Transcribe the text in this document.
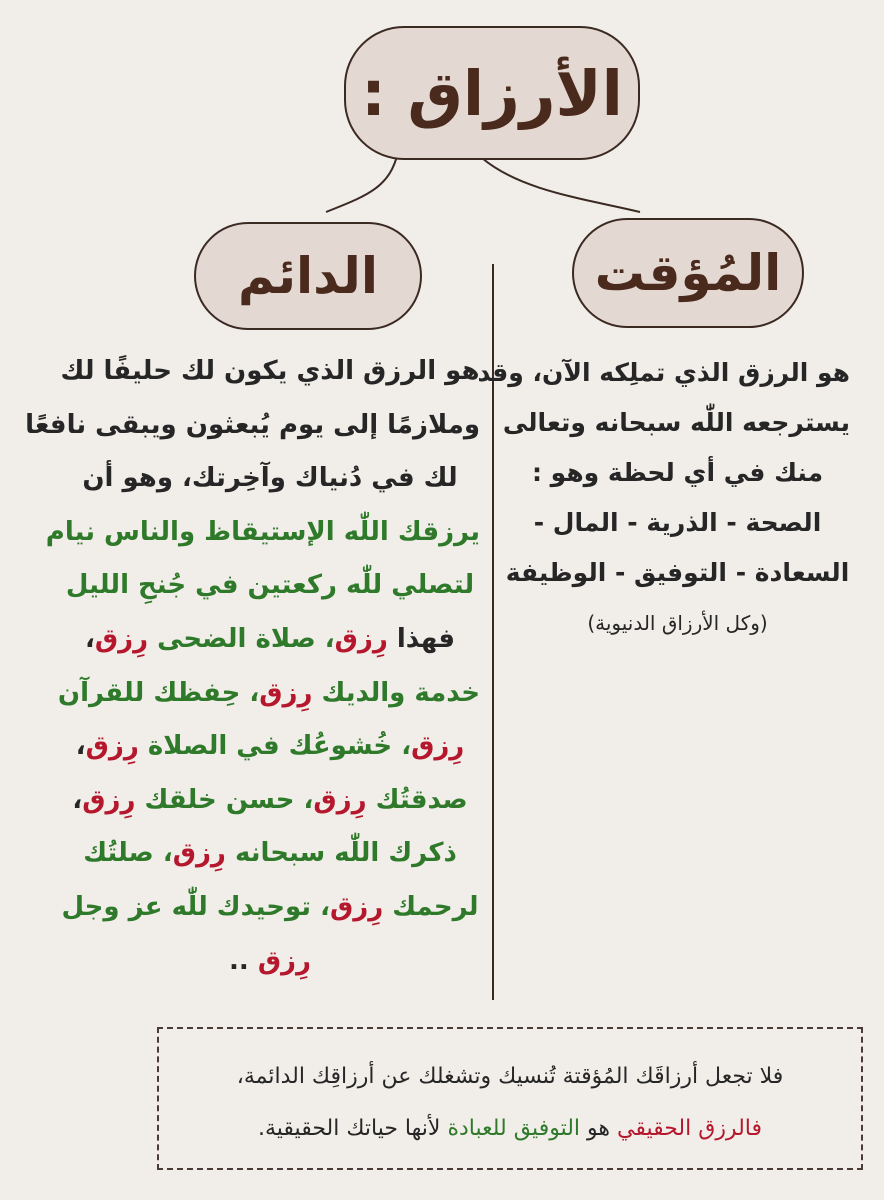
الأرزاق :
المُؤقت
الدائم
هو الرزق الذي تملِكه الآن، وقد
يسترجعه اللّٰه سبحانه وتعالى
منك في أي لحظة وهو :
الصحة - الذرية - المال -
السعادة - التوفيق - الوظيفة
(وكل الأرزاق الدنيوية)
هو الرزق الذي يكون لك حليفًا لك
وملازمًا إلى يوم يُبعثون ويبقى نافعًا
لك في دُنياك وآخِرتك، وهو أن
يرزقك اللّٰه الإستيقاظ والناس نيام
لتصلي للّٰه ركعتين في جُنحِ الليل
فهذا رِزق، صلاة الضحى رِزق،
خدمة والديك رِزق، حِفظك للقرآن
رِزق، خُشوعُك في الصلاة رِزق،
صدقتُك رِزق، حسن خلقك رِزق،
ذكرك اللّٰه سبحانه رِزق، صلتُك
لرحمك رِزق، توحيدك للّٰه عز وجل
رِزق ..
فلا تجعل أرزاقَك المُؤقتة تُنسيك وتشغلك عن أرزاقِك الدائمة،
فالرزق الحقيقي هو التوفيق للعبادة لأنها حياتك الحقيقية.
